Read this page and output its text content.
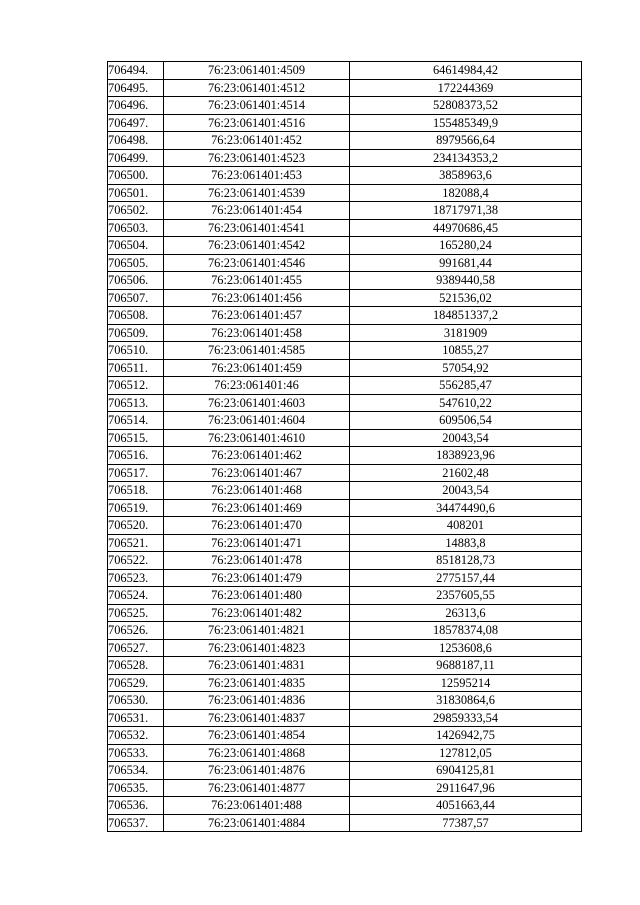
706494.	76:23:061401:4509	64614984,42
706495.	76:23:061401:4512	172244369
706496.	76:23:061401:4514	52808373,52
706497.	76:23:061401:4516	155485349,9
706498.	76:23:061401:452	8979566,64
706499.	76:23:061401:4523	234134353,2
706500.	76:23:061401:453	3858963,6
706501.	76:23:061401:4539	182088,4
706502.	76:23:061401:454	18717971,38
706503.	76:23:061401:4541	44970686,45
706504.	76:23:061401:4542	165280,24
706505.	76:23:061401:4546	991681,44
706506.	76:23:061401:455	9389440,58
706507.	76:23:061401:456	521536,02
706508.	76:23:061401:457	184851337,2
706509.	76:23:061401:458	3181909
706510.	76:23:061401:4585	10855,27
706511.	76:23:061401:459	57054,92
706512.	76:23:061401:46	556285,47
706513.	76:23:061401:4603	547610,22
706514.	76:23:061401:4604	609506,54
706515.	76:23:061401:4610	20043,54
706516.	76:23:061401:462	1838923,96
706517.	76:23:061401:467	21602,48
706518.	76:23:061401:468	20043,54
706519.	76:23:061401:469	34474490,6
706520.	76:23:061401:470	408201
706521.	76:23:061401:471	14883,8
706522.	76:23:061401:478	8518128,73
706523.	76:23:061401:479	2775157,44
706524.	76:23:061401:480	2357605,55
706525.	76:23:061401:482	26313,6
706526.	76:23:061401:4821	18578374,08
706527.	76:23:061401:4823	1253608,6
706528.	76:23:061401:4831	9688187,11
706529.	76:23:061401:4835	12595214
706530.	76:23:061401:4836	31830864,6
706531.	76:23:061401:4837	29859333,54
706532.	76:23:061401:4854	1426942,75
706533.	76:23:061401:4868	127812,05
706534.	76:23:061401:4876	6904125,81
706535.	76:23:061401:4877	2911647,96
706536.	76:23:061401:488	4051663,44
706537.	76:23:061401:4884	77387,57
